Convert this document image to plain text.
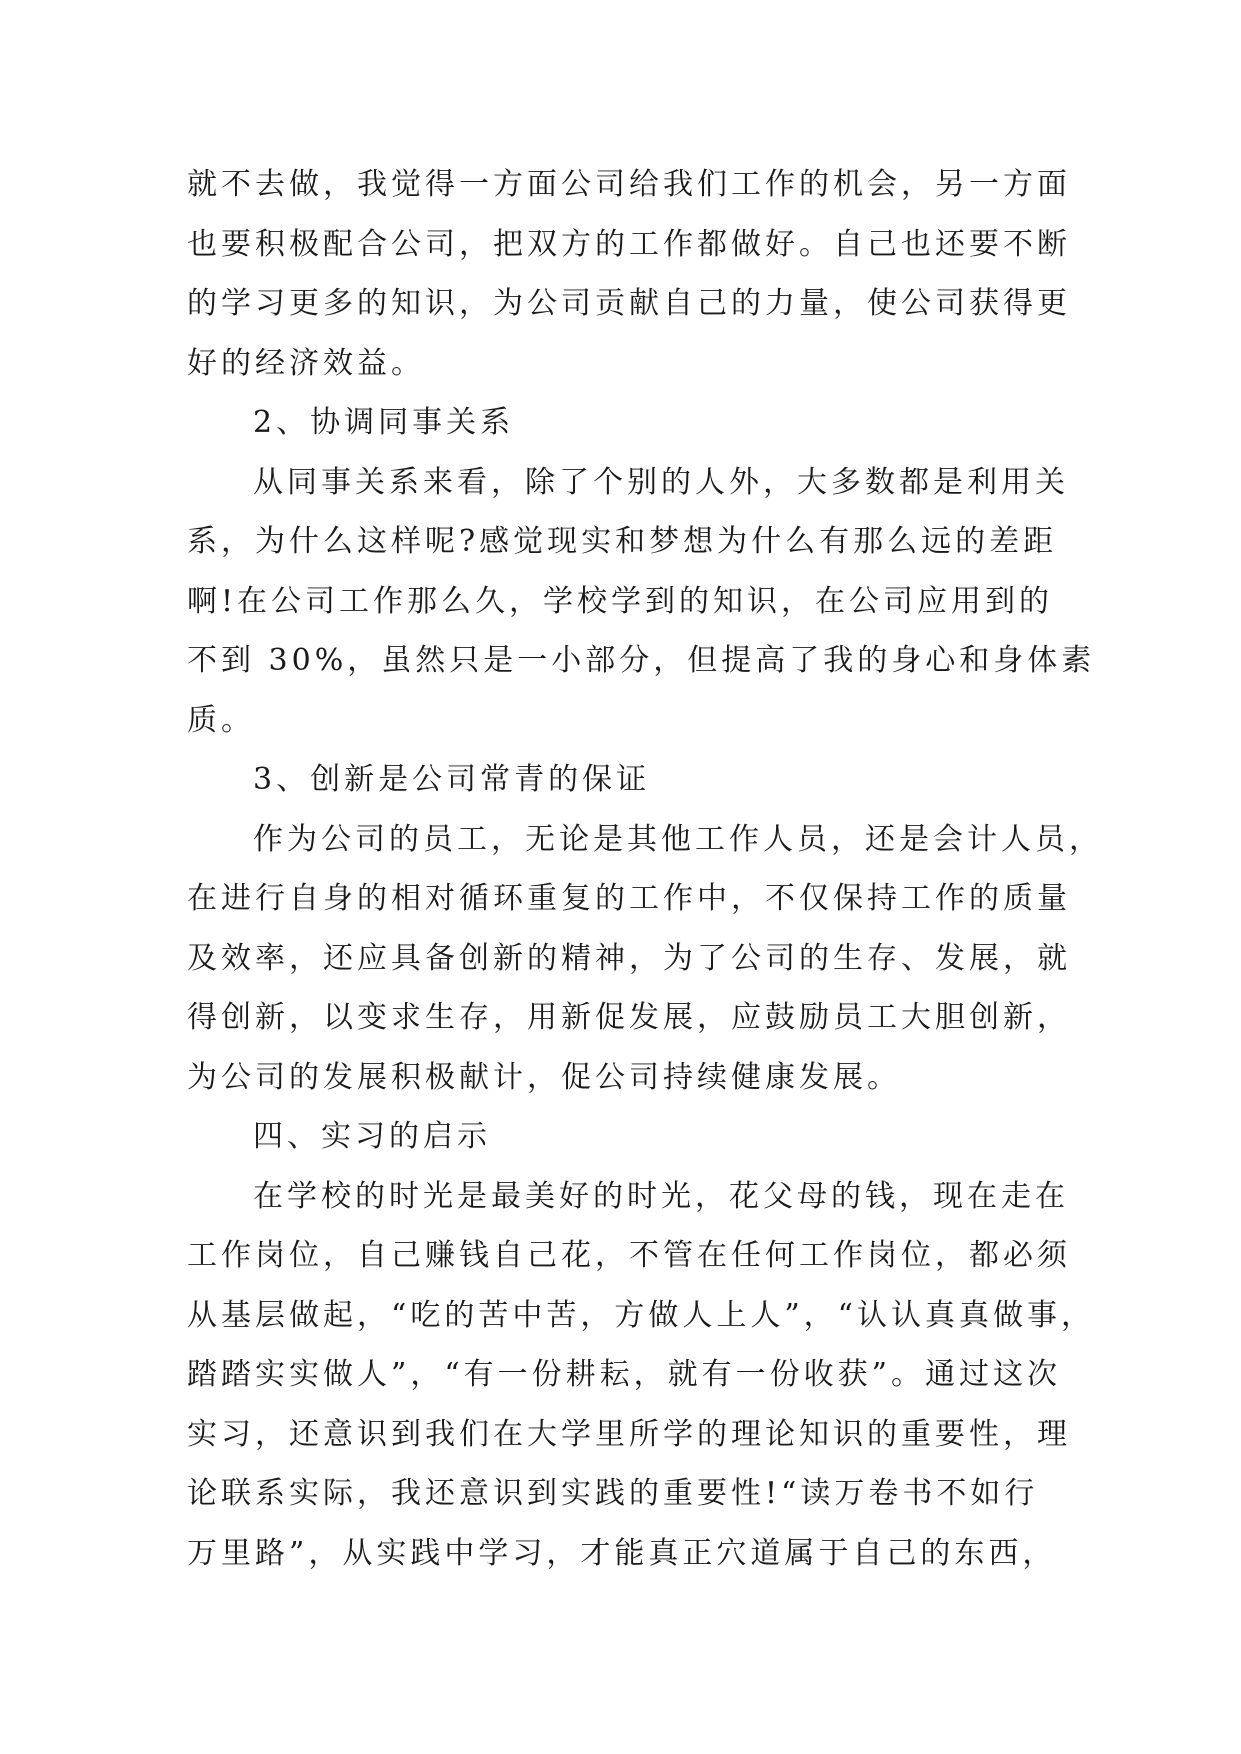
就不去做，我觉得一方面公司给我们工作的机会，另一方面
也要积极配合公司，把双方的工作都做好。自己也还要不断
的学习更多的知识，为公司贡献自己的力量，使公司获得更
好的经济效益。
2、协调同事关系
从同事关系来看，除了个别的人外，大多数都是利用关
系，为什么这样呢?感觉现实和梦想为什么有那么远的差距
啊!在公司工作那么久，学校学到的知识，在公司应用到的
不到 30%，虽然只是一小部分，但提高了我的身心和身体素
质。
3、创新是公司常青的保证
作为公司的员工，无论是其他工作人员，还是会计人员，
在进行自身的相对循环重复的工作中，不仅保持工作的质量
及效率，还应具备创新的精神，为了公司的生存、发展，就
得创新，以变求生存，用新促发展，应鼓励员工大胆创新，
为公司的发展积极献计，促公司持续健康发展。
四、实习的启示
在学校的时光是最美好的时光，花父母的钱，现在走在
工作岗位，自己赚钱自己花，不管在任何工作岗位，都必须
从基层做起，“吃的苦中苦，方做人上人”，“认认真真做事，
踏踏实实做人”，“有一份耕耘，就有一份收获”。通过这次
实习，还意识到我们在大学里所学的理论知识的重要性，理
论联系实际，我还意识到实践的重要性!“读万卷书不如行
万里路”，从实践中学习，才能真正穴道属于自己的东西，
